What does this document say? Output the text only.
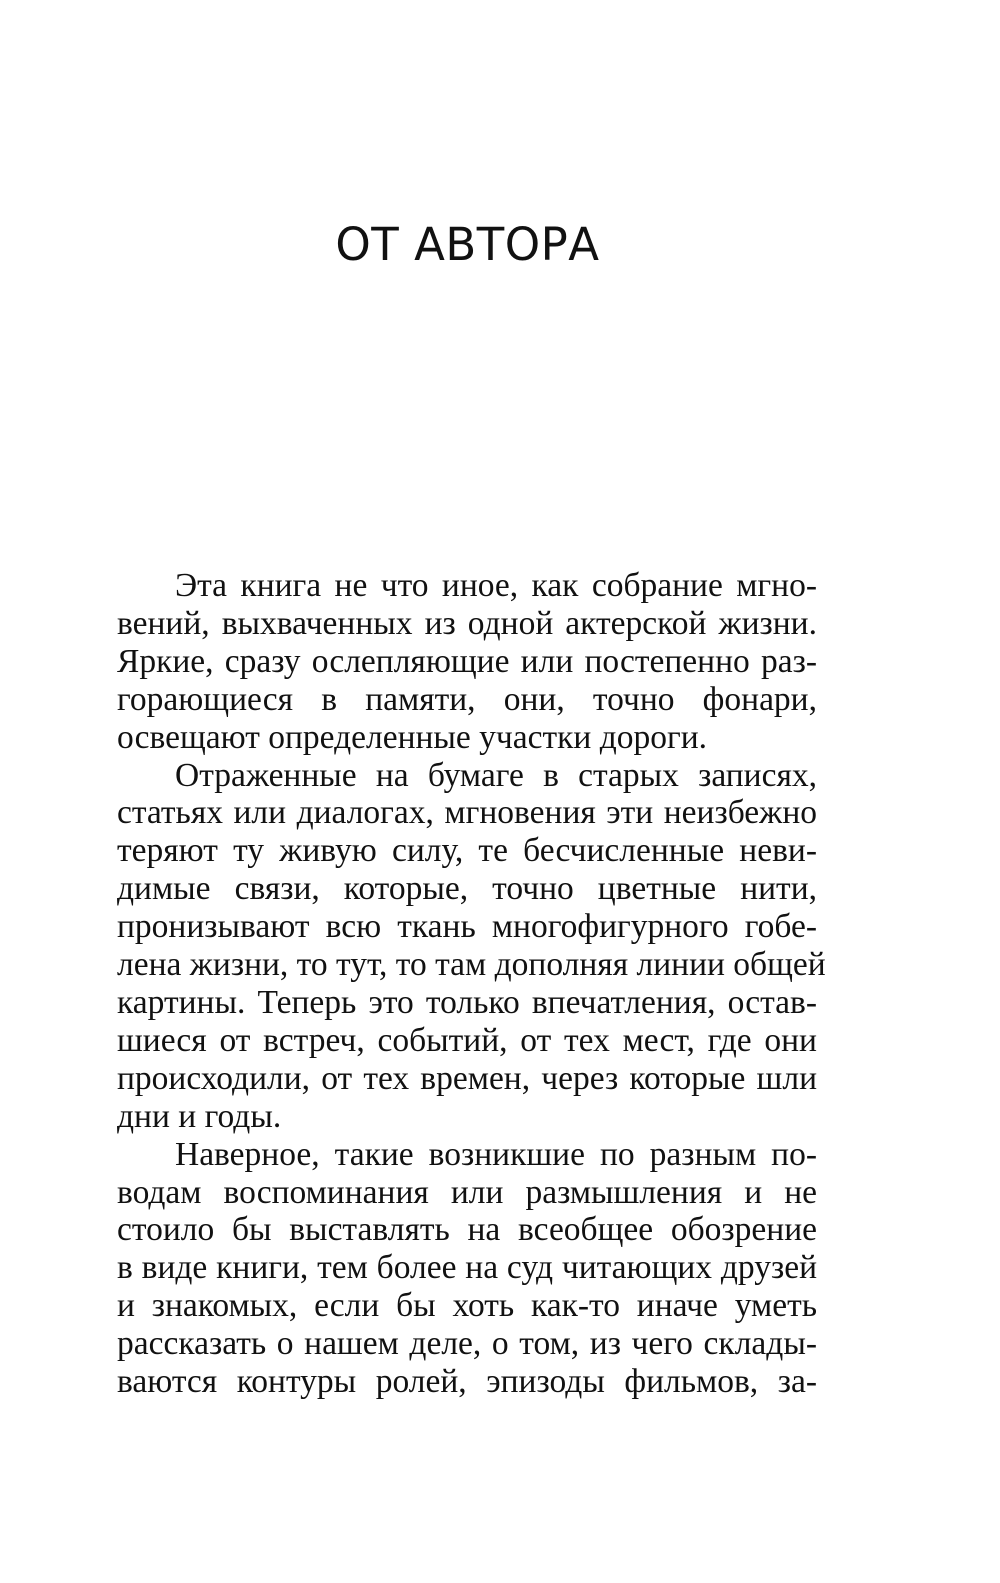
ОТ АВТОРА
Эта книга не что иное, как собрание мгно-
вений, выхваченных из одной актерской жизни.
Яркие, сразу ослепляющие или постепенно раз-
горающиеся в памяти, они, точно фонари,
освещают определенные участки дороги.
Отраженные на бумаге в старых записях,
статьях или диалогах, мгновения эти неизбежно
теряют ту живую силу, те бесчисленные неви-
димые связи, которые, точно цветные нити,
пронизывают всю ткань многофигурного гобе-
лена жизни, то тут, то там дополняя линии общей
картины. Теперь это только впечатления, остав-
шиеся от встреч, событий, от тех мест, где они
происходили, от тех времен, через которые шли
дни и годы.
Наверное, такие возникшие по разным по-
водам воспоминания или размышления и не
стоило бы выставлять на всеобщее обозрение
в виде книги, тем более на суд читающих друзей
и знакомых, если бы хоть как-то иначе уметь
рассказать о нашем деле, о том, из чего склады-
ваются контуры ролей, эпизоды фильмов, за-
